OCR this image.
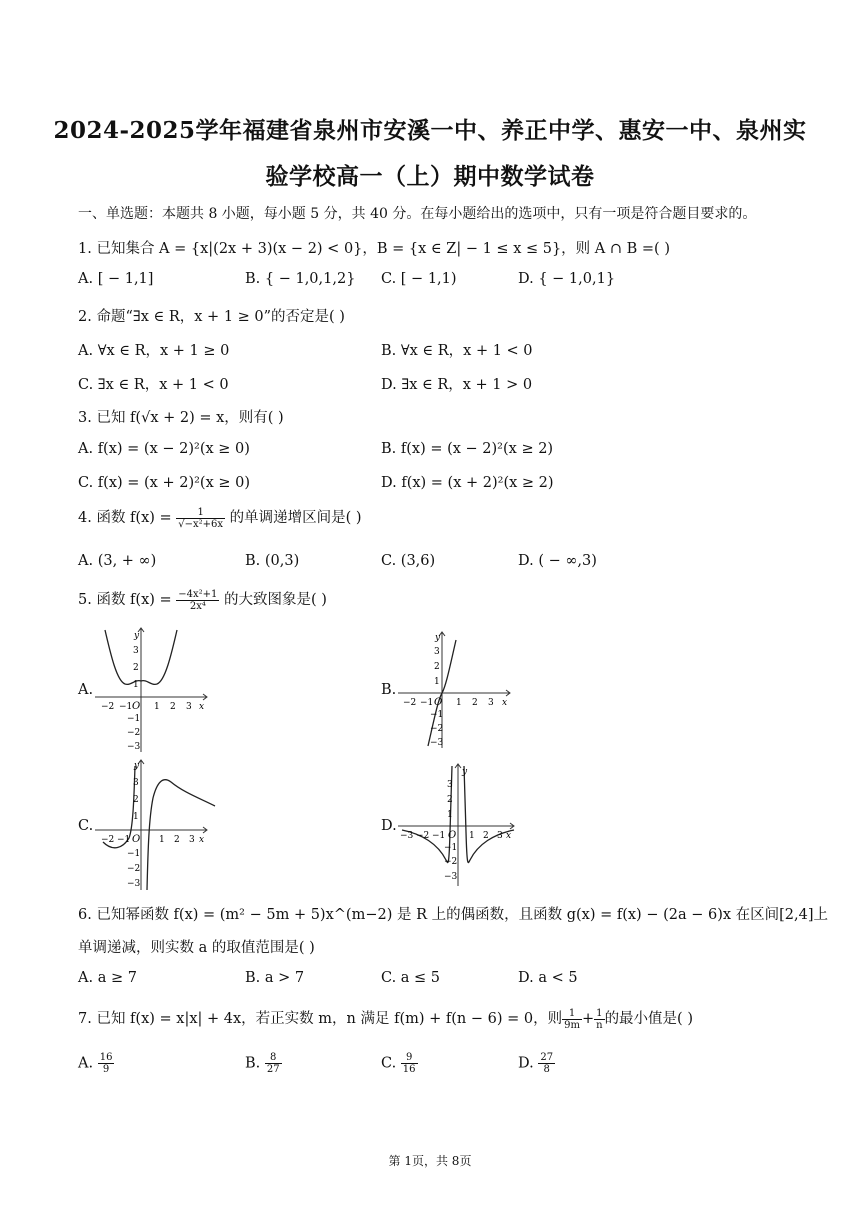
2024-2025学年福建省泉州市安溪一中、养正中学、惠安一中、泉州实
验学校高一（上）期中数学试卷
一、单选题：本题共 8 小题，每小题 5 分，共 40 分。在每小题给出的选项中，只有一项是符合题目要求的。
1. 已知集合 A = {x|(2x + 3)(x − 2) < 0}，B = {x ∈ Z| − 1 ≤ x ≤ 5}，则 A ∩ B =( )
A. [ − 1,1]	B. { − 1,0,1,2} C. [ − 1,1)	D. { − 1,0,1}
2. 命题“∃x ∈ R，x + 1 ≥ 0”的否定是( )
A. ∀x ∈ R，x + 1 ≥ 0	B. ∀x ∈ R，x + 1 < 0
C. ∃x ∈ R，x + 1 < 0	D. ∃x ∈ R，x + 1 > 0
3. 已知 f(√x + 2) = x，则有( )
A. f(x) = (x − 2)²(x ≥ 0)	B. f(x) = (x − 2)²(x ≥ 2)
C. f(x) = (x + 2)²(x ≥ 0)	D. f(x) = (x + 2)²(x ≥ 2)
4. 函数 $f(x) = \frac{1}{\text{√−x²+6x}}$ 的单调递增区间是( )
A. (3, + ∞)	B. (0,3)	C. (3,6)	D. ( − ∞,3)
5. 函数 $f(x) = \frac{\text{−4x²+1}}{\text{2x⁴}}$ 的大致图象是( )
A.	B.
C.	D.
y
x
O
−2 −1 1 2 3
3
2
1
−1
−2
−3
y
x
O
−2 −1	1 2 3
3
2
1
−1
−2
−3
y
x
O
−2 −1	1 2 3
3
2
1
−1
−2
−3
y
x
O
−3 −2 −1	1 2 3
3
2
1
−1
−2
−3
6. 已知幂函数 f(x) = (m² − 5m + 5)x^(m−2) 是 R 上的偶函数，且函数 g(x) = f(x) − (2a − 6)x 在区间[2,4]上
单调递减，则实数 a 的取值范围是( )
A. a ≥ 7	B. a > 7	C. a ≤ 5	D. a < 5
7. 已知 f(x) = x|x| + 4x，若正实数 m，n 满足 f(m) + f(n − 6) = 0，则 $\frac{1}{9m} + \frac{1}{n}$ 的最小值是( )
A. $\frac{16}{9}$	B. $\frac{8}{27}$	C. $\frac{9}{16}$	D. $\frac{27}{8}$
第 1页，共 8页
